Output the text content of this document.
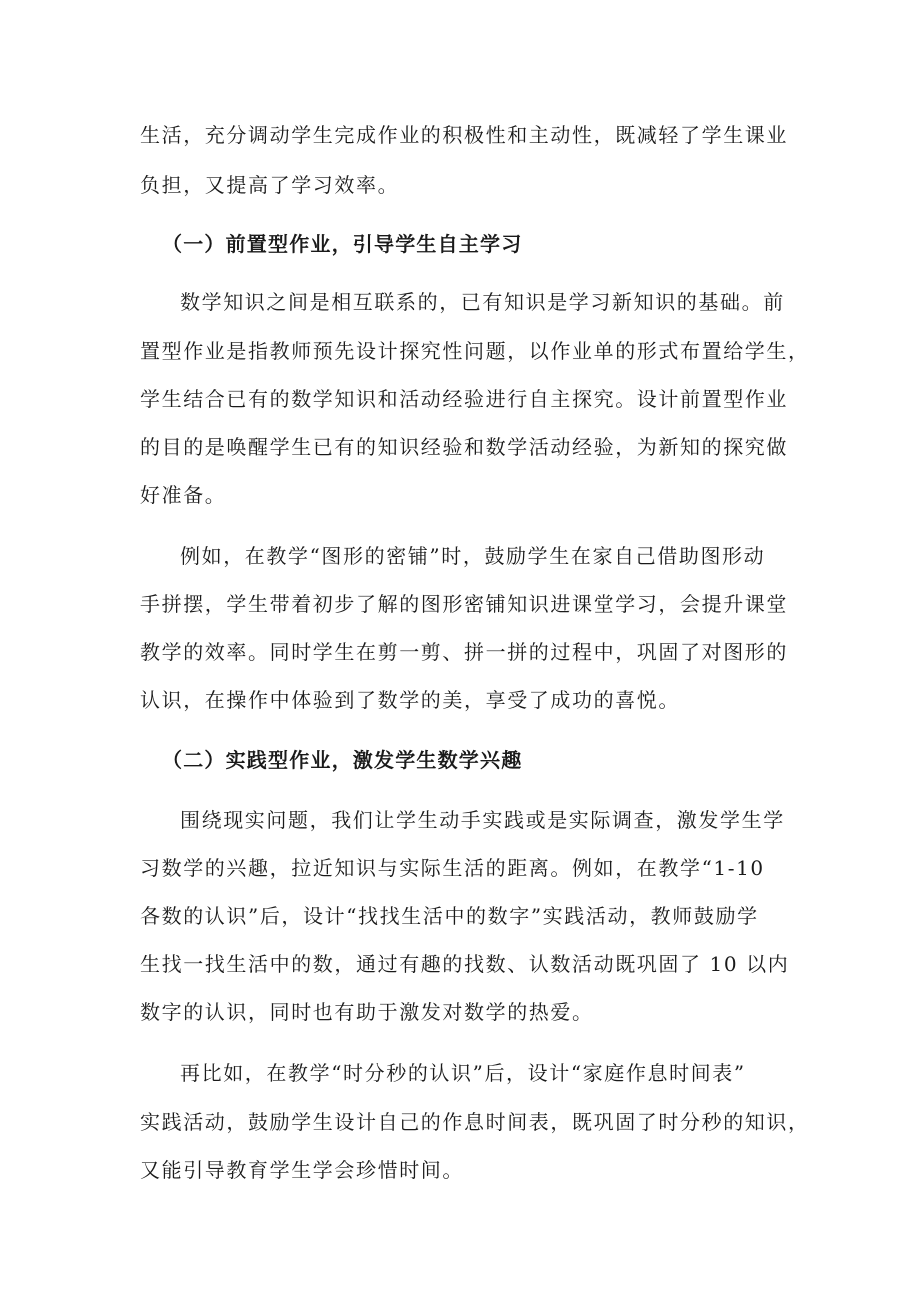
生活，充分调动学生完成作业的积极性和主动性，既减轻了学生课业
负担，又提高了学习效率。
（一）前置型作业，引导学生自主学习
数学知识之间是相互联系的，已有知识是学习新知识的基础。前
置型作业是指教师预先设计探究性问题，以作业单的形式布置给学生，
学生结合已有的数学知识和活动经验进行自主探究。设计前置型作业
的目的是唤醒学生已有的知识经验和数学活动经验，为新知的探究做
好准备。
例如，在教学“图形的密铺”时，鼓励学生在家自己借助图形动
手拼摆，学生带着初步了解的图形密铺知识进课堂学习，会提升课堂
教学的效率。同时学生在剪一剪、拼一拼的过程中，巩固了对图形的
认识，在操作中体验到了数学的美，享受了成功的喜悦。
（二）实践型作业，激发学生数学兴趣
围绕现实问题，我们让学生动手实践或是实际调查，激发学生学
习数学的兴趣，拉近知识与实际生活的距离。例如，在教学“1-10
各数的认识”后，设计“找找生活中的数字”实践活动，教师鼓励学
生找一找生活中的数，通过有趣的找数、认数活动既巩固了 10 以内
数字的认识，同时也有助于激发对数学的热爱。
再比如，在教学“时分秒的认识”后，设计“家庭作息时间表”
实践活动，鼓励学生设计自己的作息时间表，既巩固了时分秒的知识，
又能引导教育学生学会珍惜时间。
